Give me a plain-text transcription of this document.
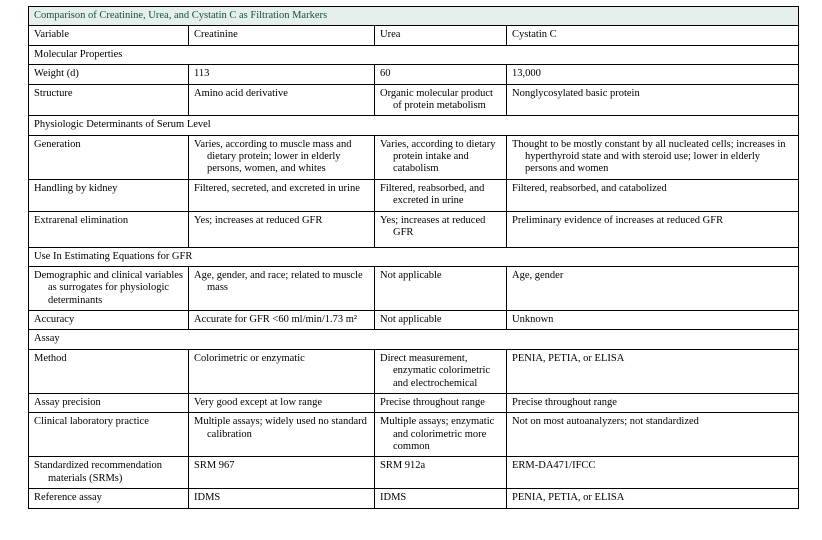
Comparison of Creatinine, Urea, and Cystatin C as Filtration Markers			
Variable	Creatinine	Urea	Cystatin C
Molecular Properties			

Weight (d)	113	60	13,000

Structure	Amino acid derivative	Organic molecular product of protein metabolism	Nonglycosylated basic protein
Physiologic Determinants of Serum Level			

Generation	Varies, according to muscle mass and dietary protein; lower in elderly persons, women, and whites	Varies, according to dietary protein intake and catabolism	Thought to be mostly constant by all nucleated cells; increases in hyperthyroid state and with steroid use; lower in elderly persons and women

Handling by kidney	Filtered, secreted, and excreted in urine	Filtered, reabsorbed, and excreted in urine	Filtered, reabsorbed, and catabolized

Extrarenal elimination	Yes; increases at reduced GFR	Yes; increases at reduced GFR	Preliminary evidence of increases at reduced GFR
Use In Estimating Equations for GFR			

Demographic and clinical variables as surrogates for physiologic determinants	Age, gender, and race; related to muscle mass	Not applicable	Age, gender

Accuracy	Accurate for GFR <60 ml/min/1.73 m²	Not applicable	Unknown
Assay			

Method	Colorimetric or enzymatic	Direct measurement, enzymatic colorimetric and electrochemical	PENIA, PETIA, or ELISA

Assay precision	Very good except at low range	Precise throughout range	Precise throughout range

Clinical laboratory practice	Multiple assays; widely used no standard calibration	Multiple assays; enzymatic and colorimetric more common	Not on most autoanalyzers; not standardized

Standardized recommendation materials (SRMs)	SRM 967	SRM 912a	ERM-DA471/IFCC

Reference assay	IDMS	IDMS	PENIA, PETIA, or ELISA
